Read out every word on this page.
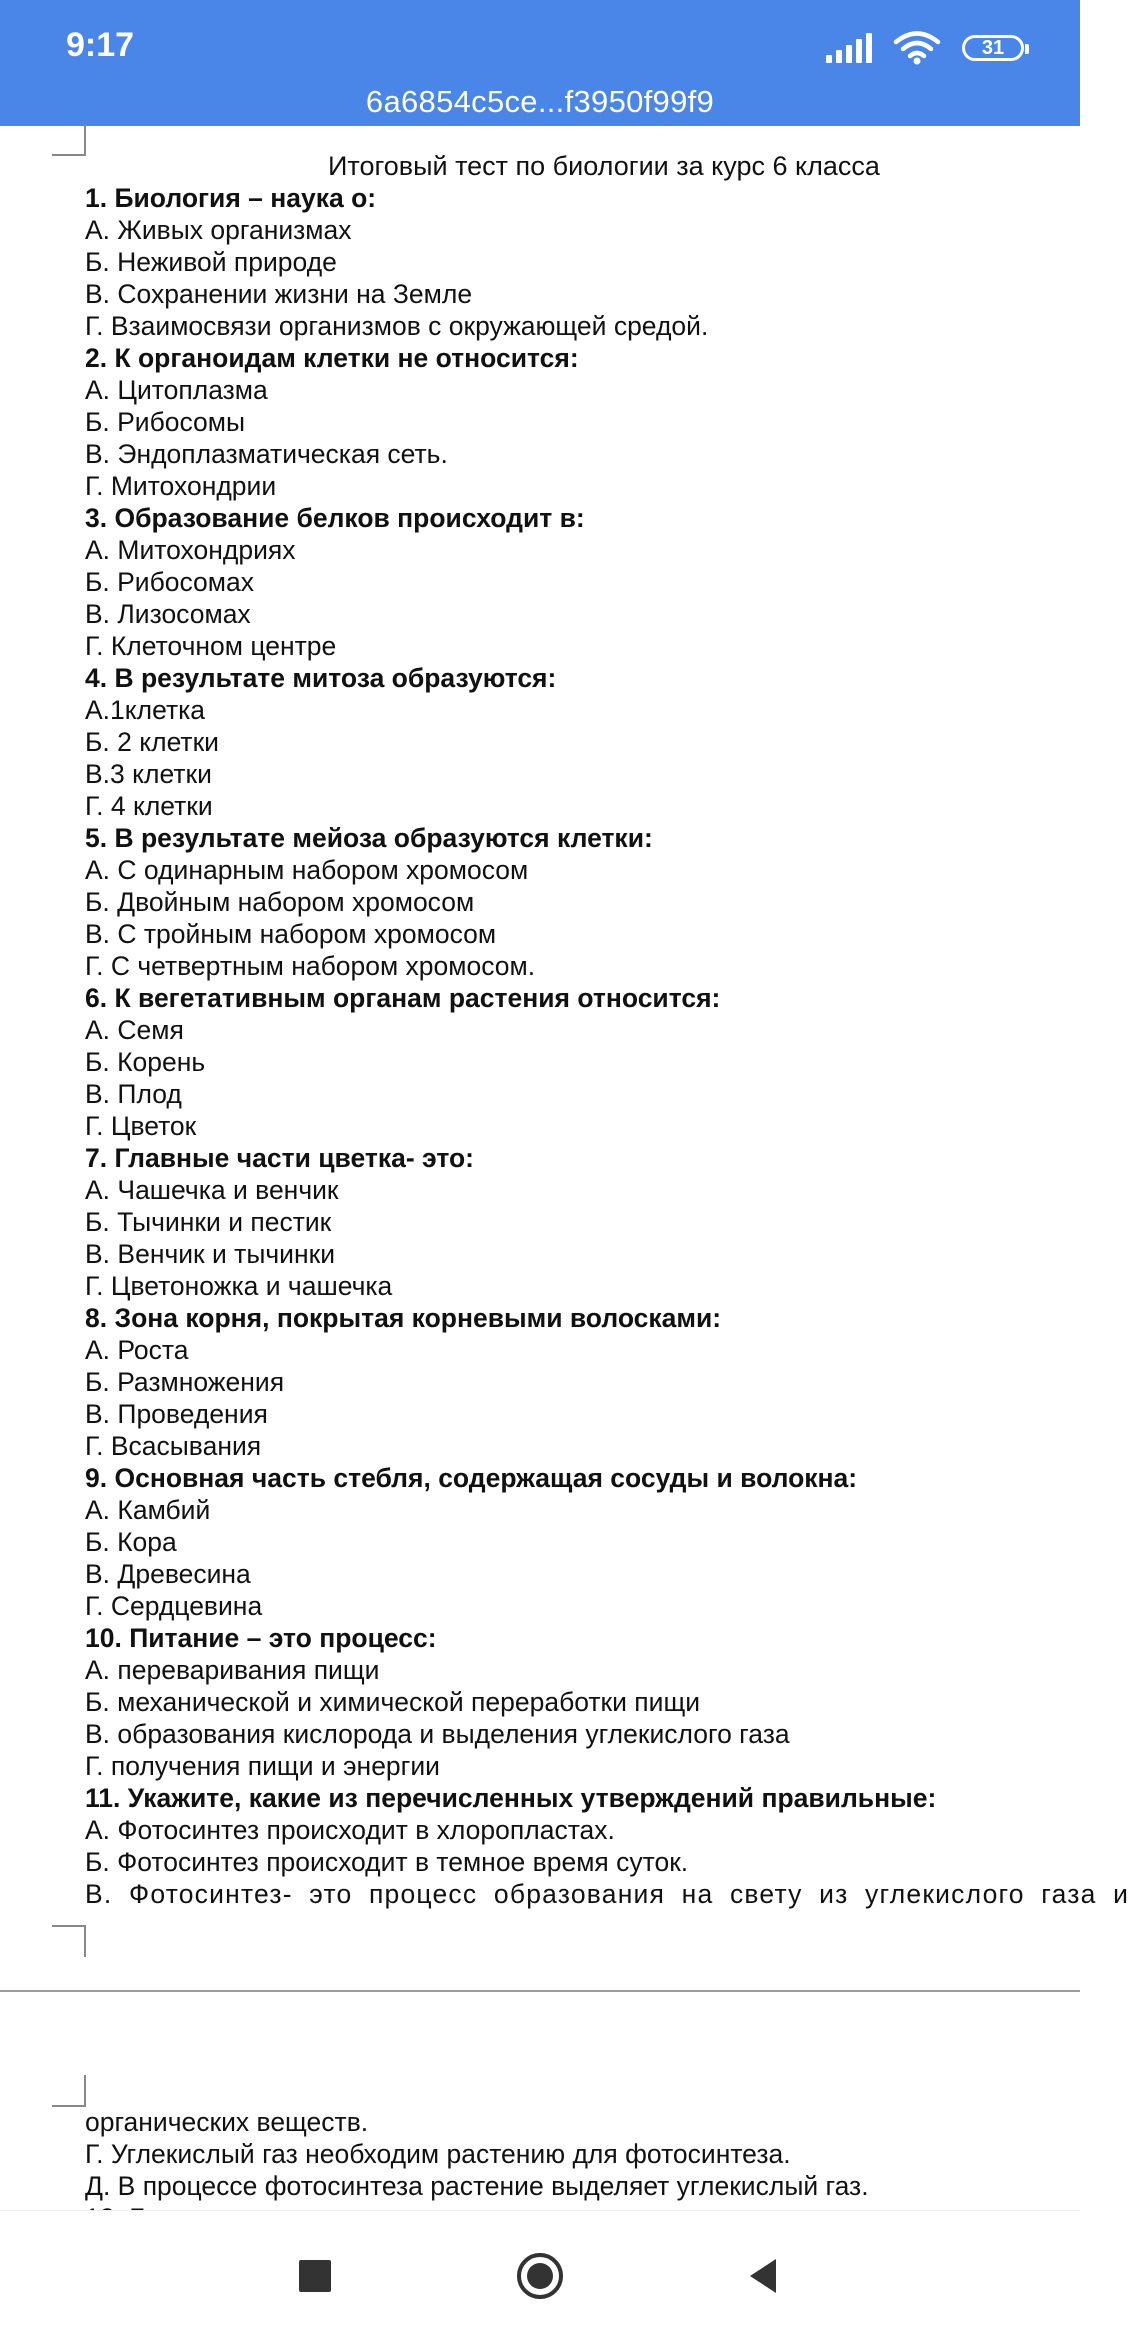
9:17	31
6a6854c5ce...f3950f99f9
Итоговый тест по биологии за курс 6 класса
1. Биология – наука о:
А. Живых организмах
Б. Неживой природе
В. Сохранении жизни на Земле
Г. Взаимосвязи организмов с окружающей средой.
2. К органоидам клетки не относится:
А. Цитоплазма
Б. Рибосомы
В. Эндоплазматическая сеть.
Г. Митохондрии
3. Образование белков происходит в:
А. Митохондриях
Б. Рибосомах
В. Лизосомах
Г. Клеточном центре
4. В результате митоза образуются:
А.1клетка
Б. 2 клетки
В.3 клетки
Г. 4 клетки
5. В результате мейоза образуются клетки:
А. С одинарным набором хромосом
Б. Двойным набором хромосом
В. С тройным набором хромосом
Г. С четвертным набором хромосом.
6. К вегетативным органам растения относится:
А. Семя
Б. Корень
В. Плод
Г. Цветок
7. Главные части цветка- это:
А. Чашечка и венчик
Б. Тычинки и пестик
В. Венчик и тычинки
Г. Цветоножка и чашечка
8. Зона корня, покрытая корневыми волосками:
А. Роста
Б. Размножения
В. Проведения
Г. Всасывания
9. Основная часть стебля, содержащая сосуды и волокна:
А. Камбий
Б. Кора
В. Древесина
Г. Сердцевина
10. Питание – это процесс:
А. переваривания пищи
Б. механической и химической переработки пищи
В. образования кислорода и выделения углекислого газа
Г. получения пищи и энергии
11. Укажите, какие из перечисленных утверждений правильные:
А. Фотосинтез происходит в хлоропластах.
Б. Фотосинтез происходит в темное время суток.
В. Фотосинтез- это процесс образования на свету из углекислого газа и
органических веществ.
Г. Углекислый газ необходим растению для фотосинтеза.
Д. В процессе фотосинтеза растение выделяет углекислый газ.
